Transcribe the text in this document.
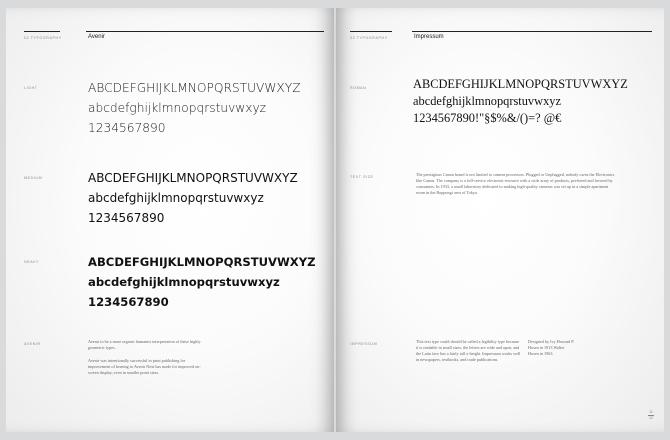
02 TYPOGRAPHY	Avenir
LIGHT	ABCDEFGHIJKLMNOPQRSTUVWXYZ
abcdefghijklmnopqrstuvwxyz
1234567890
MEDIUM	ABCDEFGHIJKLMNOPQRSTUVWXYZ
abcdefghijklmnopqrstuvwxyz
1234567890
HEAVY	ABCDEFGHIJKLMNOPQRSTUVWXYZ
abcdefghijklmnopqrstuvwxyz
1234567890
AVENIR	Avenir to be a more organic humanist interpretation of these highly geometric types.
Avenir was intentionally successful in print publishing for improvement of kerning to Avenir Next has made for improved on-screen display, even in smaller point sizes.
03 TYPOGRAPHY	Impressum
ROMAN	ABCDEFGHIJKLMNOPQRSTUVWXYZ
abcdefghijklmnopqrstuvwxyz
1234567890!"§$%&/()=? @€
TEXT SIZE	The prestigious Canon brand is not limited to camera processors. Plugged or Unplugged, nobody owns the Electronics like Canon. The company is a full-service electronic resource with a wide array of products, preferred and favored by consumers. In 1933, a small laboratory dedicated to making high-quality cameras was set up in a simple apartment room in the Roppongi area of Tokyo.
IMPRESSUM	This text type could should be called a legibility type because it is readable in small sizes, the letters are wide and open, and the Latin face has a fairly tall x-height. Impressum works well in newspapers, textbooks, and trade publications.
Designed by Ivy Howard P. Hosen in 1913 Walter Hosen in 1963
11
12
